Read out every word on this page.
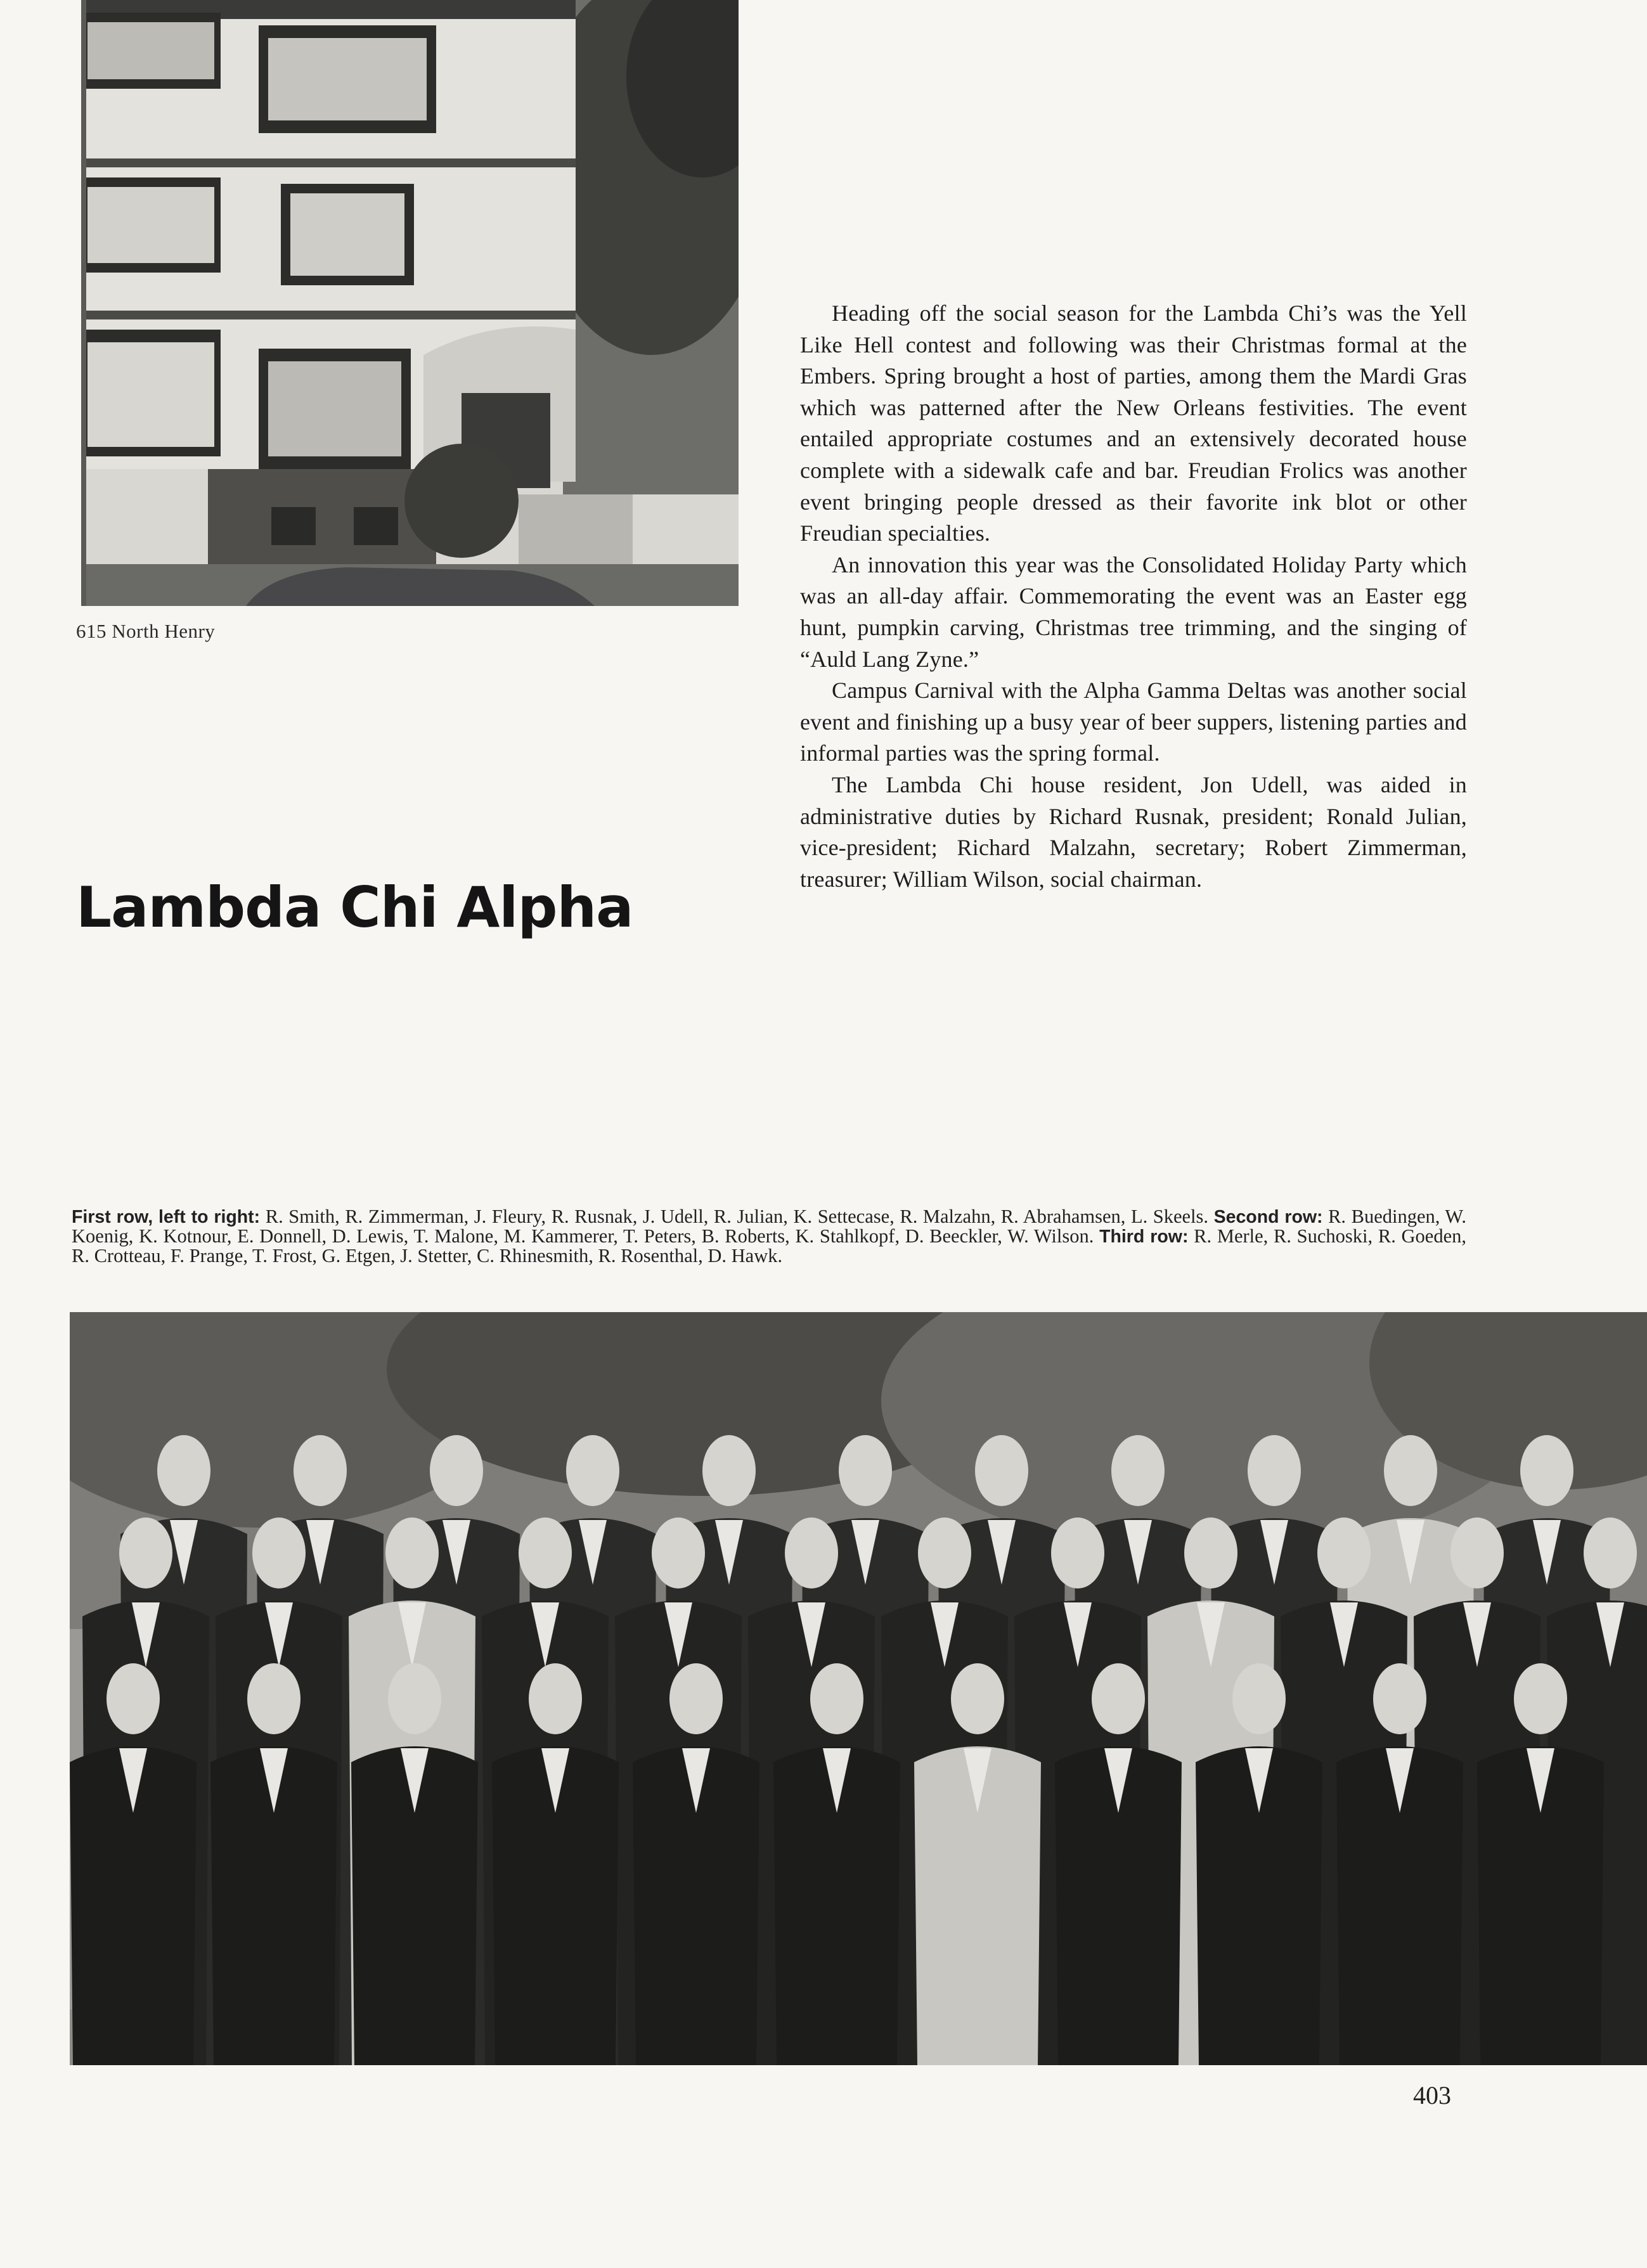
615 North Henry

Heading off the social season for the Lambda Chi’s was the Yell Like Hell contest and following was their Christmas formal at the Embers. Spring brought a host of parties, among them the Mardi Gras which was patterned after the New Orleans festivities. The event entailed appropriate costumes and an extensively decorated house complete with a sidewalk cafe and bar. Freudian Frolics was another event bringing people dressed as their favorite ink blot or other Freudian specialties.

An innovation this year was the Consolidated Holiday Party which was an all-day affair. Commemorating the event was an Easter egg hunt, pumpkin carving, Christmas tree trimming, and the singing of “Auld Lang Zyne.”

Campus Carnival with the Alpha Gamma Deltas was another social event and finishing up a busy year of beer suppers, listening parties and informal parties was the spring formal.

The Lambda Chi house resident, Jon Udell, was aided in administrative duties by Richard Rusnak, president; Ronald Julian, vice-president; Richard Malzahn, secretary; Robert Zimmerman, treasurer; William Wilson, social chairman.

Lambda Chi Alpha
First row, left to right: R. Smith, R. Zimmerman, J. Fleury, R. Rusnak, J. Udell, R. Julian, K. Settecase, R. Malzahn, R. Abrahamsen, L. Skeels. Second row: R. Buedingen, W. Koenig, K. Kotnour, E. Donnell, D. Lewis, T. Malone, M. Kammerer, T. Peters, B. Roberts, K. Stahlkopf, D. Beeckler, W. Wilson. Third row: R. Merle, R. Suchoski, R. Goeden, R. Crotteau, F. Prange, T. Frost, G. Etgen, J. Stetter, C. Rhinesmith, R. Rosenthal, D. Hawk.
403
